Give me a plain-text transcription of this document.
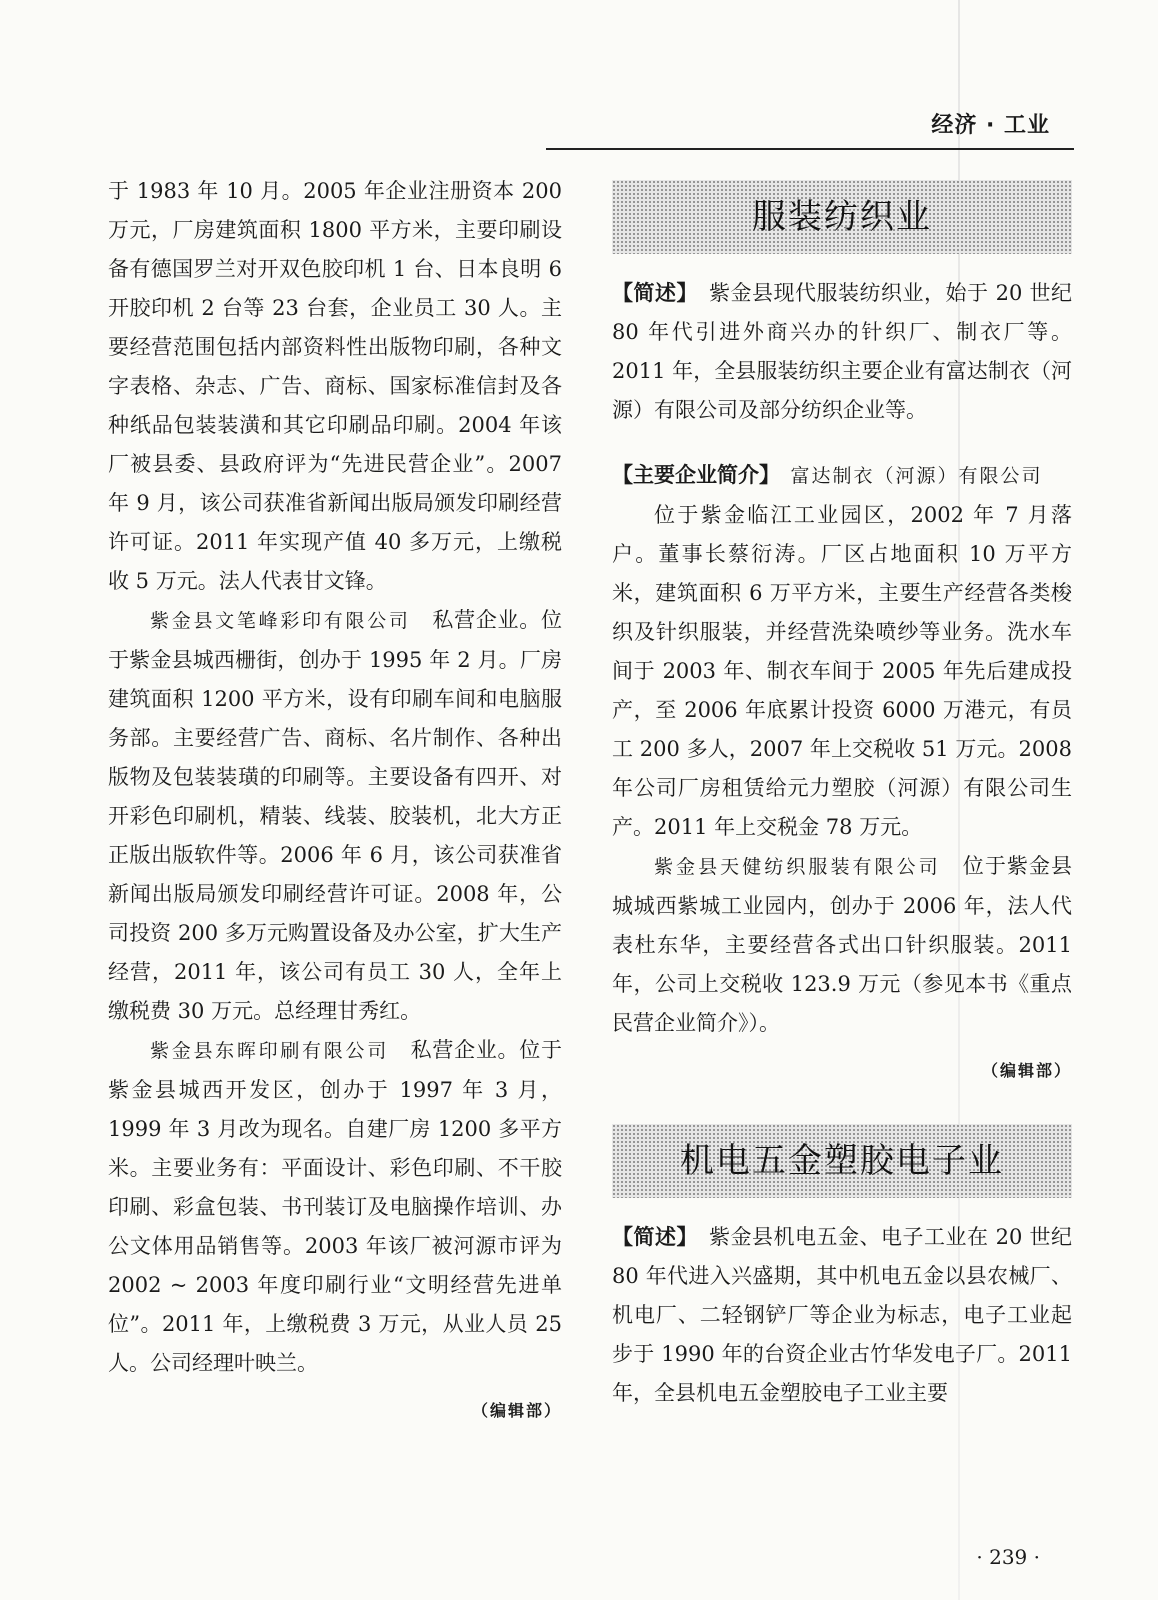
经济 · 工业

于 1983 年 10 月。2005 年企业注册资本 200 万元，厂房建筑面积 1800 平方米，主要印刷设备有德国罗兰对开双色胶印机 1 台、日本良明 6 开胶印机 2 台等 23 台套，企业员工 30 人。主要经营范围包括内部资料性出版物印刷，各种文字表格、杂志、广告、商标、国家标准信封及各种纸品包装装潢和其它印刷品印刷。2004 年该厂被县委、县政府评为“先进民营企业”。2007 年 9 月，该公司获准省新闻出版局颁发印刷经营许可证。2011 年实现产值 40 多万元，上缴税收 5 万元。法人代表甘文锋。

紫金县文笔峰彩印有限公司　私营企业。位于紫金县城西栅街，创办于 1995 年 2 月。厂房建筑面积 1200 平方米，设有印刷车间和电脑服务部。主要经营广告、商标、名片制作、各种出版物及包装装璜的印刷等。主要设备有四开、对开彩色印刷机，精装、线装、胶装机，北大方正正版出版软件等。2006 年 6 月，该公司获准省新闻出版局颁发印刷经营许可证。2008 年，公司投资 200 多万元购置设备及办公室，扩大生产经营，2011 年，该公司有员工 30 人，全年上缴税费 30 万元。总经理甘秀红。

紫金县东晖印刷有限公司　私营企业。位于紫金县城西开发区，创办于 1997 年 3 月，1999 年 3 月改为现名。自建厂房 1200 多平方米。主要业务有：平面设计、彩色印刷、不干胶印刷、彩盒包装、书刊装订及电脑操作培训、办公文体用品销售等。2003 年该厂被河源市评为 2002 ~ 2003 年度印刷行业“文明经营先进单位”。2011 年，上缴税费 3 万元，从业人员 25 人。公司经理叶映兰。

（编辑部）
服装纺织业

【简述】　紫金县现代服装纺织业，始于 20 世纪 80 年代引进外商兴办的针织厂、制衣厂等。2011 年，全县服装纺织主要企业有富达制衣（河源）有限公司及部分纺织企业等。

【主要企业简介】　富达制衣（河源）有限公司

位于紫金临江工业园区，2002 年 7 月落户。董事长蔡衍涛。厂区占地面积 10 万平方米，建筑面积 6 万平方米，主要生产经营各类梭织及针织服装，并经营洗染喷纱等业务。洗水车间于 2003 年、制衣车间于 2005 年先后建成投产，至 2006 年底累计投资 6000 万港元，有员工 200 多人，2007 年上交税收 51 万元。2008 年公司厂房租赁给元力塑胶（河源）有限公司生产。2011 年上交税金 78 万元。

紫金县天健纺织服装有限公司　位于紫金县城城西紫城工业园内，创办于 2006 年，法人代表杜东华，主要经营各式出口针织服装。2011 年，公司上交税收 123.9 万元（参见本书《重点民营企业简介》）。

（编辑部）
机电五金塑胶电子业

【简述】　紫金县机电五金、电子工业在 20 世纪 80 年代进入兴盛期，其中机电五金以县农械厂、机电厂、二轻钢铲厂等企业为标志，电子工业起步于 1990 年的台资企业古竹华发电子厂。2011 年，全县机电五金塑胶电子工业主要

· 239 ·
